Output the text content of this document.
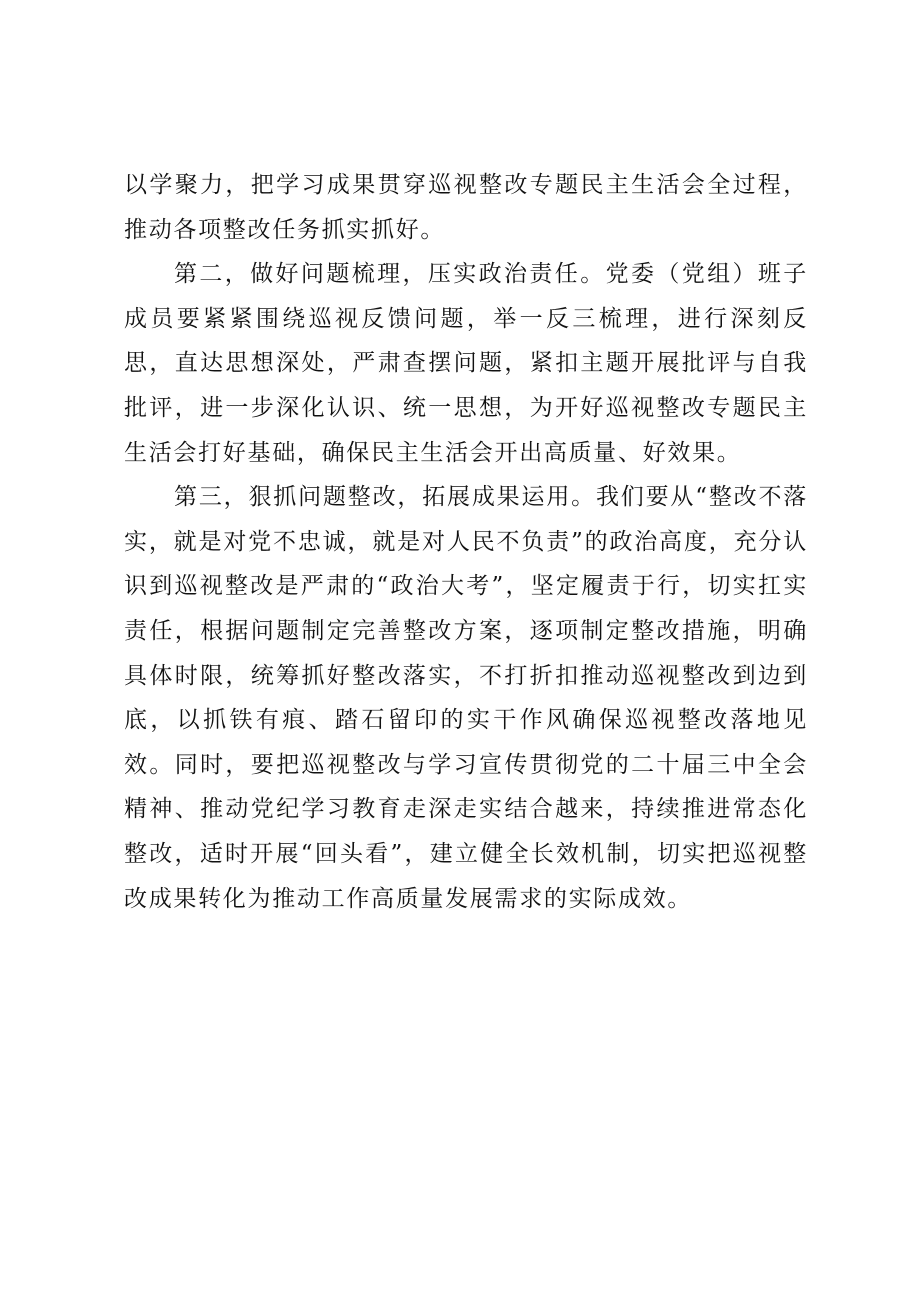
以学聚力，把学习成果贯穿巡视整改专题民主生活会全过程，推动各项整改任务抓实抓好。

第二，做好问题梳理，压实政治责任。党委（党组）班子成员要紧紧围绕巡视反馈问题，举一反三梳理，进行深刻反思，直达思想深处，严肃查摆问题，紧扣主题开展批评与自我批评，进一步深化认识、统一思想，为开好巡视整改专题民主生活会打好基础，确保民主生活会开出高质量、好效果。

第三，狠抓问题整改，拓展成果运用。我们要从“整改不落实，就是对党不忠诚，就是对人民不负责”的政治高度，充分认识到巡视整改是严肃的“政治大考”，坚定履责于行，切实扛实责任，根据问题制定完善整改方案，逐项制定整改措施，明确具体时限，统筹抓好整改落实，不打折扣推动巡视整改到边到底，以抓铁有痕、踏石留印的实干作风确保巡视整改落地见效。同时，要把巡视整改与学习宣传贯彻党的二十届三中全会精神、推动党纪学习教育走深走实结合越来，持续推进常态化整改，适时开展“回头看”，建立健全长效机制，切实把巡视整改成果转化为推动工作高质量发展需求的实际成效。
